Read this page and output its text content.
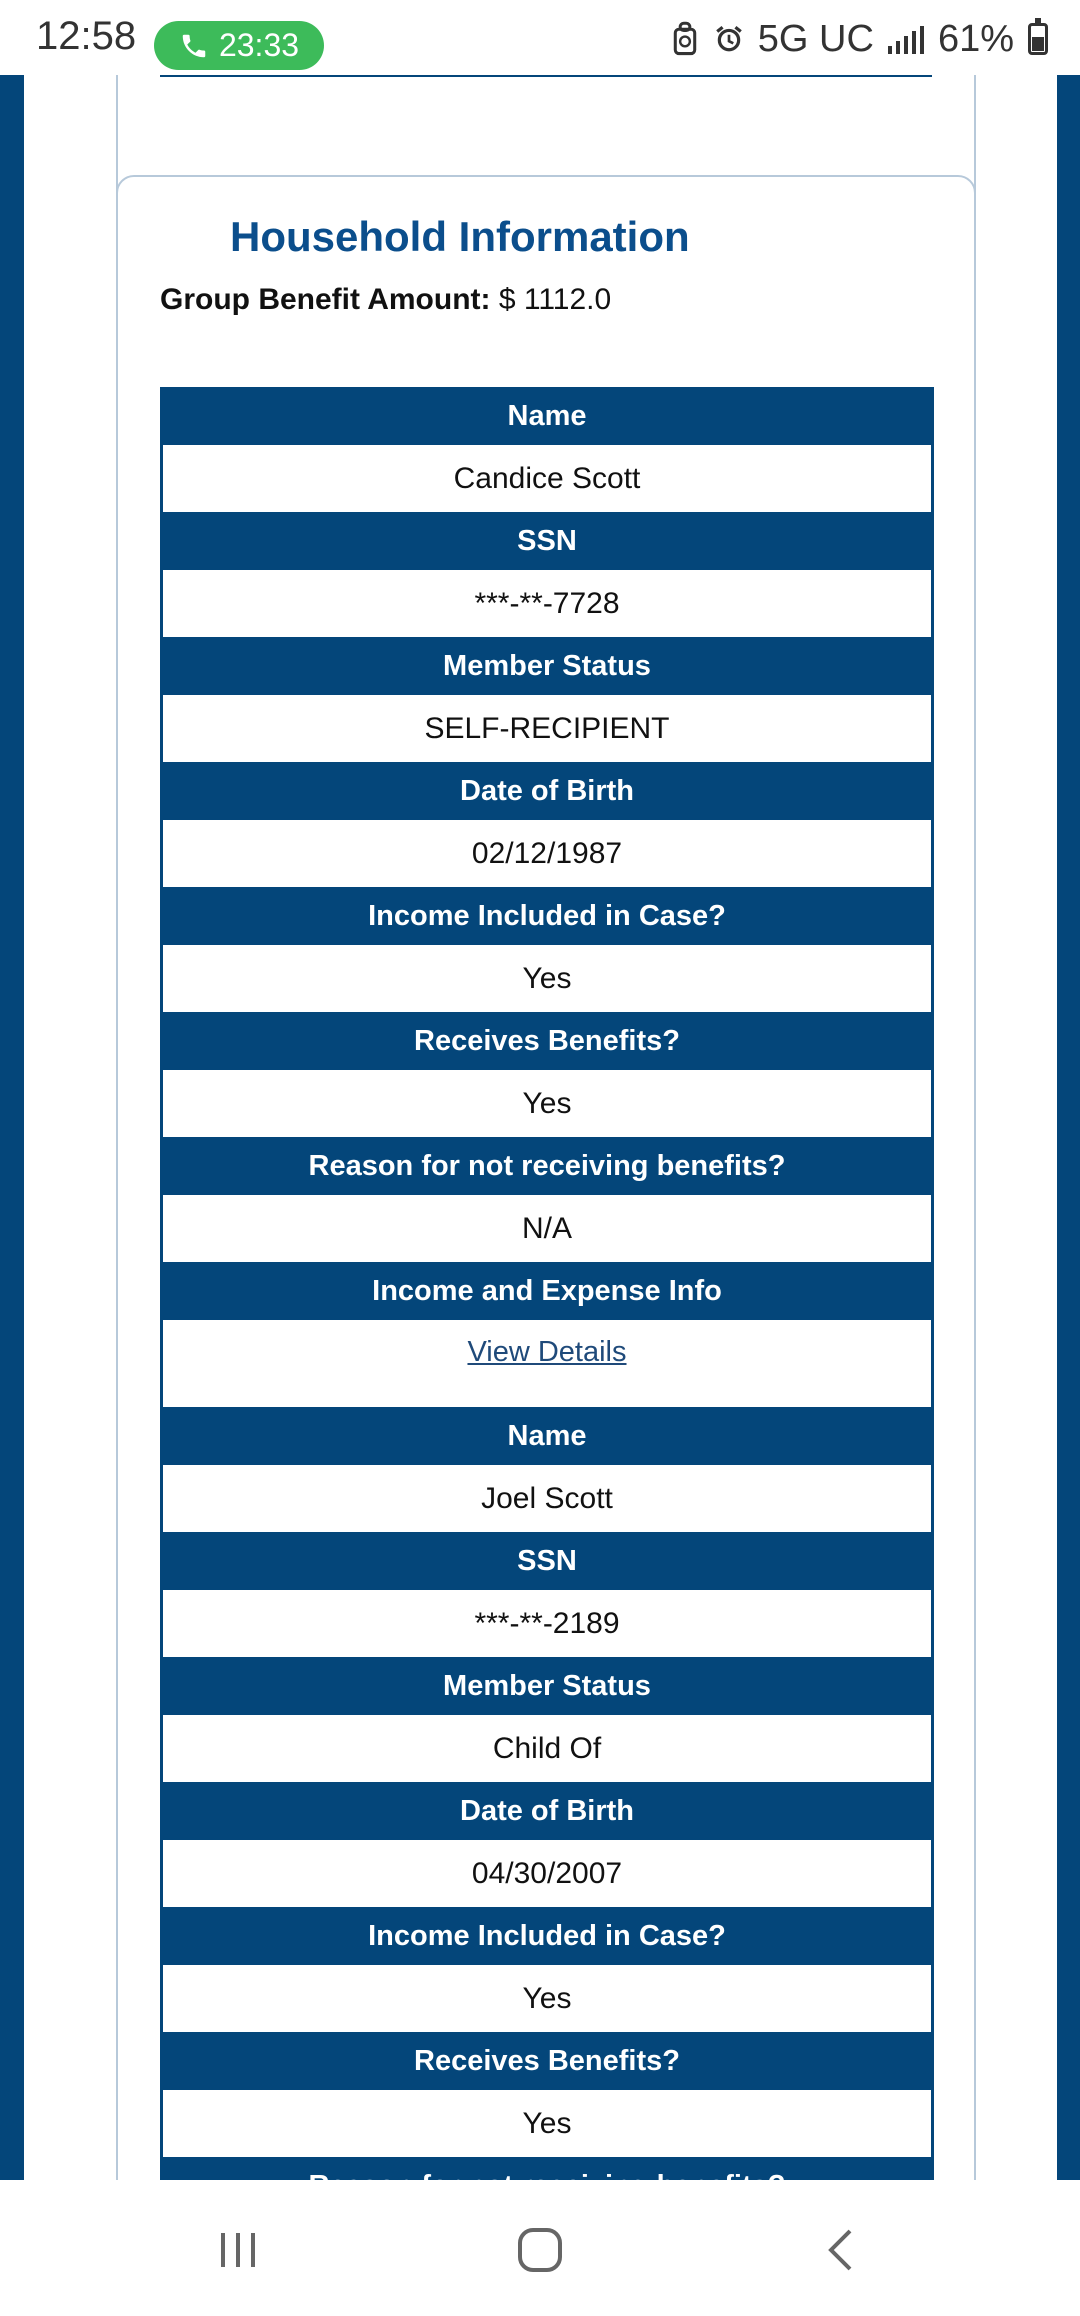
12:58	23:33	5G UC 61%
Household Information
Group Benefit Amount: $ 1112.0
Name
Candice Scott
SSN
***-**-7728
Member Status
SELF-RECIPIENT
Date of Birth
02/12/1987
Income Included in Case?
Yes
Receives Benefits?
Yes
Reason for not receiving benefits?
N/A
Income and Expense Info
View Details
Name
Joel Scott
SSN
***-**-2189
Member Status
Child Of
Date of Birth
04/30/2007
Income Included in Case?
Yes
Receives Benefits?
Yes
